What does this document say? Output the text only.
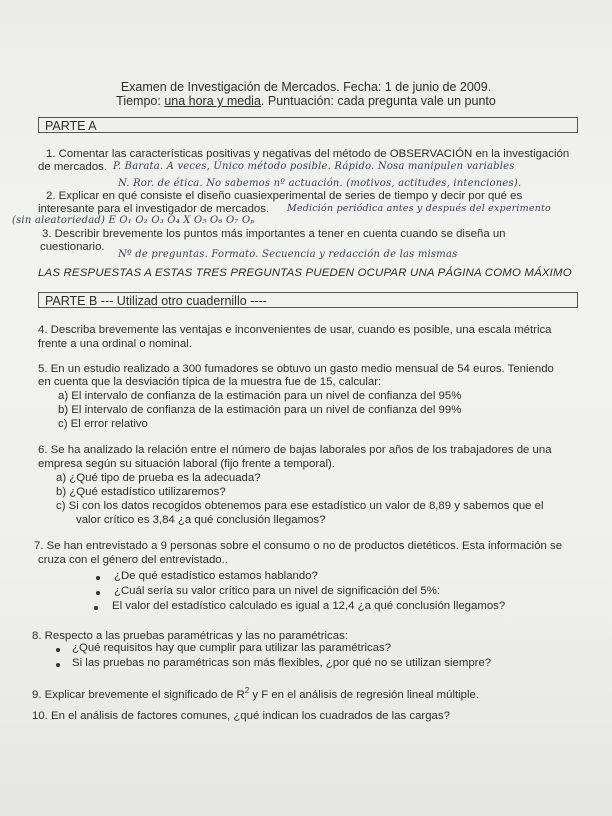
Examen de Investigación de Mercados. Fecha: 1 de junio de 2009.
Tiempo: una hora y media. Puntuación: cada pregunta vale un punto
PARTE A
1. Comentar las características positivas y negativas del método de OBSERVACIÓN en la investigación
de mercados. P. Barata. A veces, Único método posible. Rápido. Nosa manipulen variables
N. Ror. de ética. No sabemos nº actuación. (motivos, actitudes, intenciones).
2. Explicar en qué consiste el diseño cuasiexperimental de series de tiempo y decir por qué es
interesante para el investigador de mercados. Medición periódica antes y después del experimento
(sin aleatoriedad) E O₁ O₂ O₃ O₄ X O₅ O₆ O₇ Oₚ
3. Describir brevemente los puntos más importantes a tener en cuenta cuando se diseña un
cuestionario.
Nº de preguntas. Formato. Secuencia y redacción de las mismas
LAS RESPUESTAS A ESTAS TRES PREGUNTAS PUEDEN OCUPAR UNA PÁGINA COMO MÁXIMO
PARTE B --- Utilizad otro cuadernillo ----
4. Describa brevemente las ventajas e inconvenientes de usar, cuando es posible, una escala métrica
frente a una ordinal o nominal.
5. En un estudio realizado a 300 fumadores se obtuvo un gasto medio mensual de 54 euros. Teniendo
en cuenta que la desviación típica de la muestra fue de 15, calcular:
a) El intervalo de confianza de la estimación para un nivel de confianza del 95%
b) El intervalo de confianza de la estimación para un nivel de confianza del 99%
c) El error relativo
6. Se ha analizado la relación entre el número de bajas laborales por años de los trabajadores de una
empresa según su situación laboral (fijo frente a temporal).
a) ¿Qué tipo de prueba es la adecuada?
b) ¿Qué estadístico utilizaremos?
c) Si con los datos recogidos obtenemos para ese estadístico un valor de 8,89 y sabemos que el
valor crítico es 3,84 ¿a qué conclusión llegamos?
7. Se han entrevistado a 9 personas sobre el consumo o no de productos dietéticos. Esta información se
cruza con el género del entrevistado..
¿De qué estadístico estamos hablando?
¿Cuál sería su valor crítico para un nivel de significación del 5%:
El valor del estadístico calculado es igual a 12,4 ¿a qué conclusión llegamos?
8. Respecto a las pruebas paramétricas y las no paramétricas:
¿Qué requisitos hay que cumplir para utilizar las paramétricas?
Si las pruebas no paramétricas son más flexibles, ¿por qué no se utilizan siempre?
9. Explicar brevemente el significado de $R^2$ y F en el análisis de regresión lineal múltiple.
10. En el análisis de factores comunes, ¿qué indican los cuadrados de las cargas?
